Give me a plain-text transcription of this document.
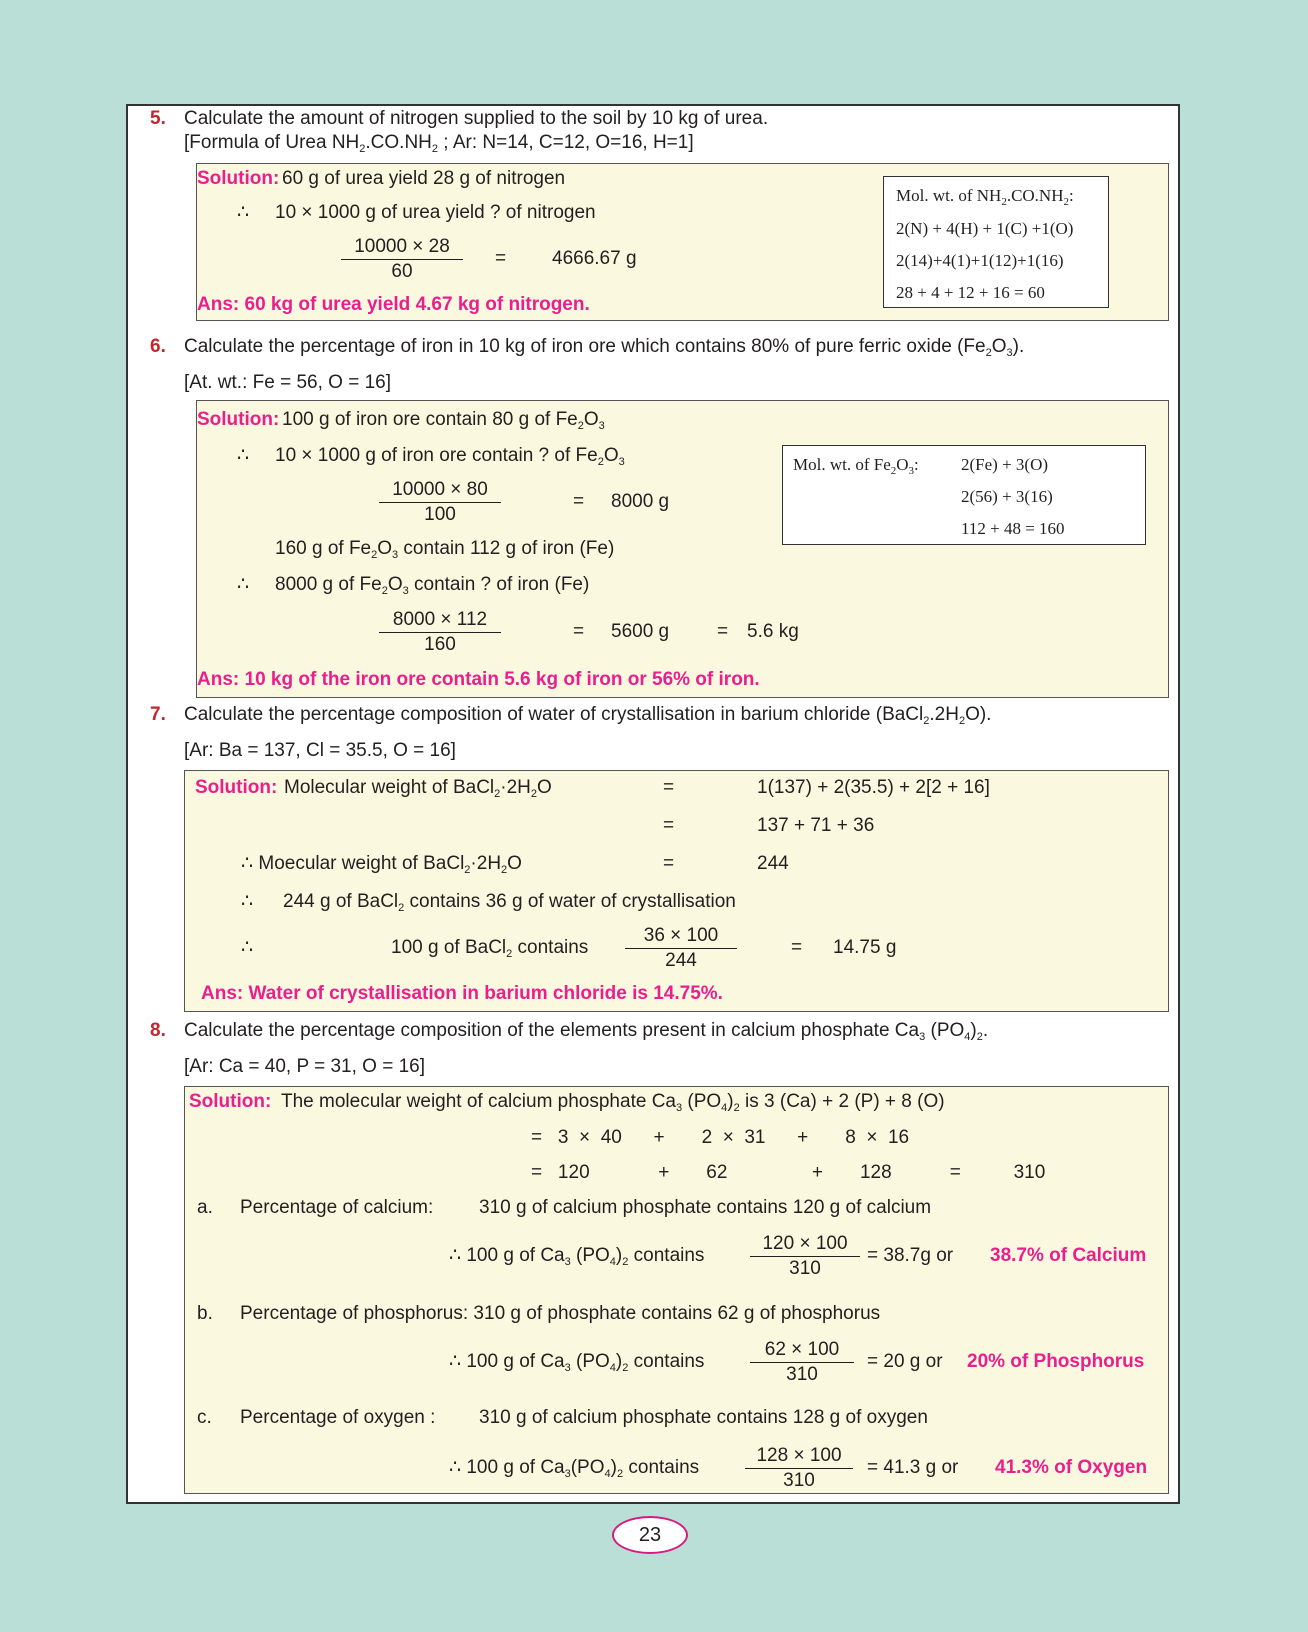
5. Calculate the amount of nitrogen supplied to the soil by 10 kg of urea.
[Formula of Urea $NH_2.CO.NH_2$ ; Ar: N=14, C=12, O=16, H=1]
Solution: 60 g of urea yield 28 g of nitrogen
∴ 10 × 1000 g of urea yield ? of nitrogen
$\frac{10000 \times 28}{60} = 4666.67$ g
Ans: 60 kg of urea yield 4.67 kg of nitrogen.
Mol. wt. of $NH_2.CO.NH_2$:
2(N) + 4(H) + 1(C) +1(O)
2(14)+4(1)+1(12)+1(16)
28 + 4 + 12 + 16 = 60
6. Calculate the percentage of iron in 10 kg of iron ore which contains 80% of pure ferric oxide $(Fe_2O_3)$.
[At. wt.: Fe = 56, O = 16]
Solution: 100 g of iron ore contain 80 g of $Fe_2O_3$
∴ 10 × 1000 g of iron ore contain ? of $Fe_2O_3$
$\frac{10000 \times 80}{100}$	= 8000 g
160 g of $Fe_2O_3$ contain 112 g of iron (Fe)
∴ 8000 g of $Fe_2O_3$ contain ? of iron (Fe)
$\frac{8000 \times 112}{160}$	= 5600 g	= 5.6 kg
Ans: 10 kg of the iron ore contain 5.6 kg of iron or 56% of iron.
Mol. wt. of $Fe_2O_3$: 2(Fe) + 3(O)
2(56) + 3(16)
112 + 48 = 160
7. Calculate the percentage composition of water of crystallisation in barium chloride $(BaCl_2.2H_2O)$.
[Ar: Ba = 137, Cl = 35.5, O = 16]
Solution: Molecular weight of $BaCl_2\cdot 2H_2O$	=	1(137) + 2(35.5) + 2[2 + 16]
=	137 + 71 + 36
∴ Moecular weight of $BaCl_2\cdot 2H_2O$	=	244
∴ 244 g of BaCl$_2$ contains 36 g of water of crystallisation
∴	100 g of BaCl$_2$ contains $\frac{36 \times 100}{244}$	= 14.75 g
Ans: Water of crystallisation in barium chloride is 14.75%.
8. Calculate the percentage composition of the elements present in calcium phosphate $Ca_3$ $(PO_4)_2$.
[Ar: Ca = 40, P = 31, O = 16]
Solution: The molecular weight of calcium phosphate $Ca_3$ $(PO_4)_2$ is 3 (Ca) + 2 (P) + 8 (O)
=   3  ×  40      +       2  ×  31      +       8  ×  16
=   120             +       62                +       128           =          310
a. Percentage of calcium: 310 g of calcium phosphate contains 120 g of calcium
∴ 100 g of $Ca_3$ $(PO_4)_2$ contains $\frac{120 \times 100}{310} = 38.7g$ or 38.7% of Calcium
b. Percentage of phosphorus: 310 g of phosphate contains 62 g of phosphorus
∴ 100 g of $Ca_3$ $(PO_4)_2$ contains $\frac{62 \times 100}{310} = 20$ g or 20% of Phosphorus
c. Percentage of oxygen : 310 g of calcium phosphate contains 128 g of oxygen
∴ 100 g of $Ca_3(PO_4)_2$ contains $\frac{128 \times 100}{310} = 41.3$ g or 41.3% of Oxygen
23
